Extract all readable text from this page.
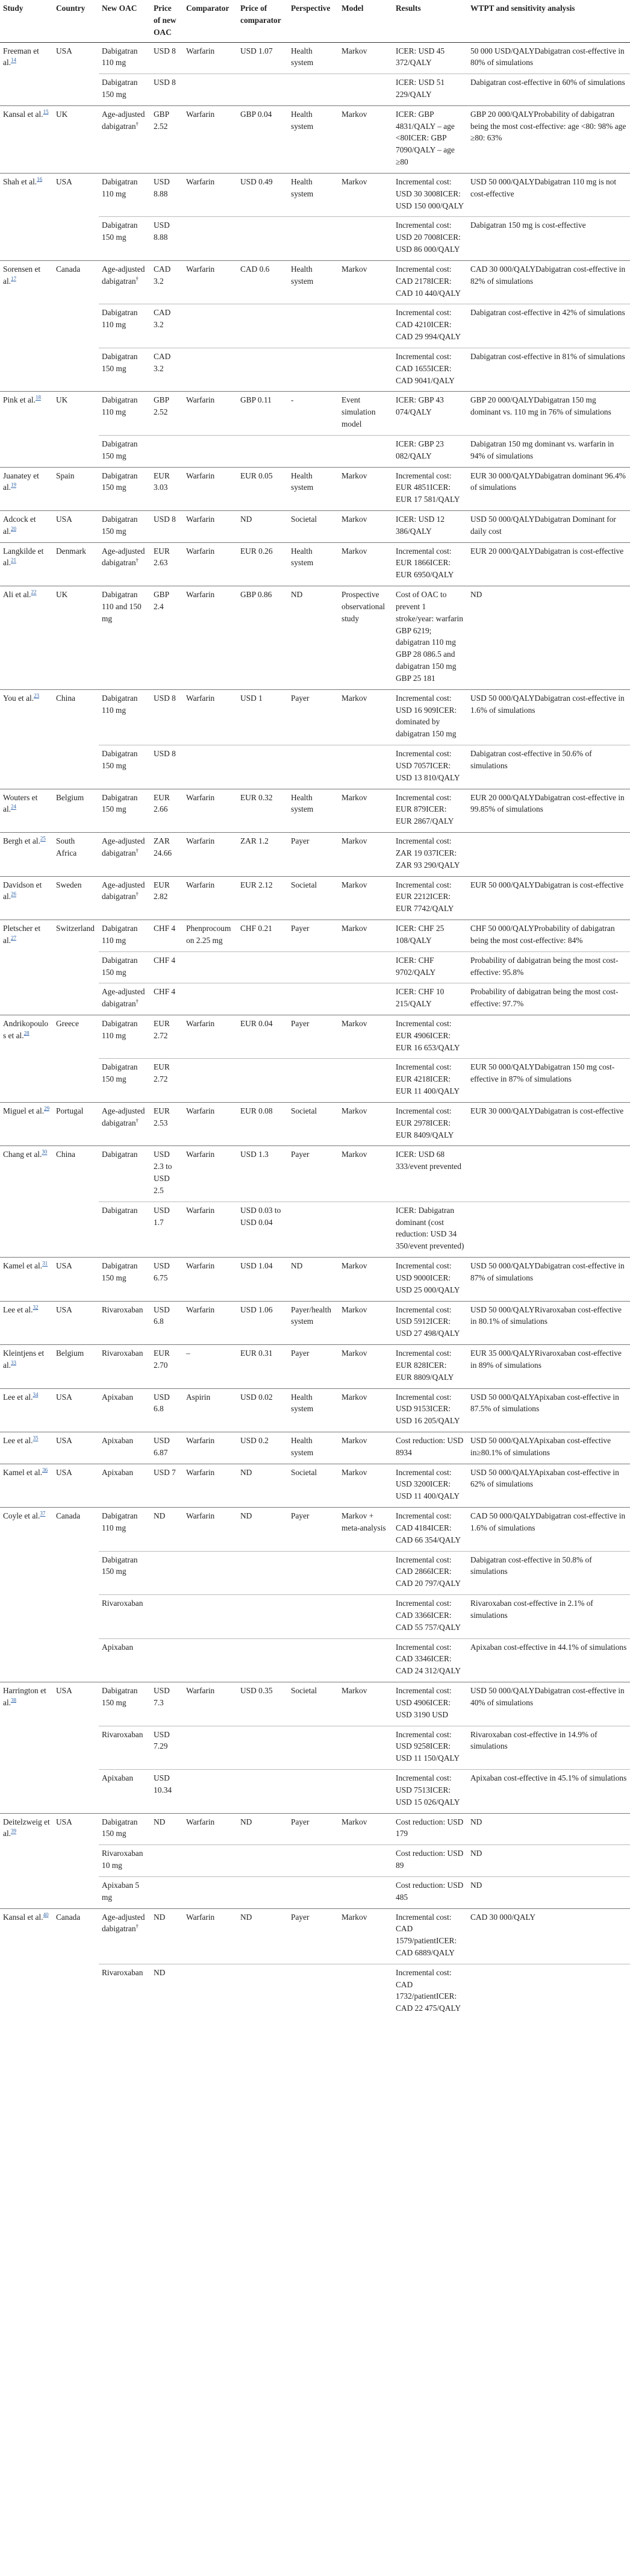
Study	Country	New OAC	Price of new OAC	Comparator	Price of comparator	Perspective	Model	Results	WTPT and sensitivity analysis
Freeman et al.$^{14}$	USA	Dabigatran 110 mg	USD 8	Warfarin	USD 1.07	Health system	Markov	ICER: USD 45 372/QALY	50 000 USD/QALYDabigatran cost-effective in 80% of simulations
		Dabigatran 150 mg	USD 8					ICER: USD 51 229/QALY	Dabigatran cost-effective in 60% of simulations
Kansal et al.$^{15}$	UK	Age-adjusted dabigatran†	GBP 2.52	Warfarin	GBP 0.04	Health system	Markov	ICER: GBP 4831/QALY – age <80ICER: GBP 7090/QALY – age ≥80	GBP 20 000/QALYProbability of dabigatran being the most cost-effective: age <80: 98% age ≥80: 63%
Shah et al.$^{16}$	USA	Dabigatran 110 mg	USD 8.88	Warfarin	USD 0.49	Health system	Markov	Incremental cost: USD 30 3008ICER: USD 150 000/QALY	USD 50 000/QALYDabigatran 110 mg is not cost-effective
		Dabigatran 150 mg	USD 8.88					Incremental cost: USD 20 7008ICER: USD 86 000/QALY	Dabigatran 150 mg is cost-effective
Sorensen et al.$^{17}$	Canada	Age-adjusted dabigatran†	CAD 3.2	Warfarin	CAD 0.6	Health system	Markov	Incremental cost: CAD 2178ICER: CAD 10 440/QALY	CAD 30 000/QALYDabigatran cost-effective in 82% of simulations
		Dabigatran 110 mg	CAD 3.2					Incremental cost: CAD 4210ICER: CAD 29 994/QALY	Dabigatran cost-effective in 42% of simulations
		Dabigatran 150 mg	CAD 3.2					Incremental cost: CAD 1655ICER: CAD 9041/QALY	Dabigatran cost-effective in 81% of simulations
Pink et al.$^{18}$	UK	Dabigatran 110 mg	GBP 2.52	Warfarin	GBP 0.11	-	Event simulation model	ICER: GBP 43 074/QALY	GBP 20 000/QALYDabigatran 150 mg dominant vs. 110 mg in 76% of simulations
		Dabigatran 150 mg						ICER: GBP 23 082/QALY	Dabigatran 150 mg dominant vs. warfarin in 94% of simulations
Juanatey et al.$^{19}$	Spain	Dabigatran 150 mg	EUR 3.03	Warfarin	EUR 0.05	Health system	Markov	Incremental cost: EUR 4851ICER: EUR 17 581/QALY	EUR 30 000/QALYDabigatran dominant 96.4% of simulations
Adcock et al.$^{20}$	USA	Dabigatran 150 mg	USD 8	Warfarin	ND	Societal	Markov	ICER: USD 12 386/QALY	USD 50 000/QALYDabigatran Dominant for daily cost
Langkilde et al.$^{21}$	Denmark	Age-adjusted dabigatran†	EUR 2.63	Warfarin	EUR 0.26	Health system	Markov	Incremental cost: EUR 1866ICER: EUR 6950/QALY	EUR 20 000/QALYDabigatran is cost-effective
Ali et al.$^{22}$	UK	Dabigatran 110 and 150 mg	GBP 2.4	Warfarin	GBP 0.86	ND	Prospective observational study	Cost of OAC to prevent 1 stroke/year: warfarin GBP 6219; dabigatran 110 mg GBP 28 086.5 and dabigatran 150 mg GBP 25 181	ND
You et al.$^{23}$	China	Dabigatran 110 mg	USD 8	Warfarin	USD 1	Payer	Markov	Incremental cost: USD 16 909ICER: dominated by dabigatran 150 mg	USD 50 000/QALYDabigatran cost-effective in 1.6% of simulations
		Dabigatran 150 mg	USD 8					Incremental cost: USD 7057ICER: USD 13 810/QALY	Dabigatran cost-effective in 50.6% of simulations
Wouters et al.$^{24}$	Belgium	Dabigatran 150 mg	EUR 2.66	Warfarin	EUR 0.32	Health system	Markov	Incremental cost: EUR 879ICER: EUR 2867/QALY	EUR 20 000/QALYDabigatran cost-effective in 99.85% of simulations
Bergh et al.$^{25}$	South Africa	Age-adjusted dabigatran†	ZAR 24.66	Warfarin	ZAR 1.2	Payer	Markov	Incremental cost: ZAR 19 037ICER: ZAR 93 290/QALY	
Davidson et al.$^{26}$	Sweden	Age-adjusted dabigatran†	EUR 2.82	Warfarin	EUR 2.12	Societal	Markov	Incremental cost: EUR 2212ICER: EUR 7742/QALY	EUR 50 000/QALYDabigatran is cost-effective
Pletscher et al.$^{27}$	Switzerland	Dabigatran 110 mg	CHF 4	Phenprocoumon 2.25 mg	CHF 0.21	Payer	Markov	ICER: CHF 25 108/QALY	CHF 50 000/QALYProbability of dabigatran being the most cost-effective: 84%
		Dabigatran 150 mg	CHF 4					ICER: CHF 9702/QALY	Probability of dabigatran being the most cost-effective: 95.8%
		Age-adjusted dabigatran†	CHF 4					ICER: CHF 10 215/QALY	Probability of dabigatran being the most cost-effective: 97.7%
Andrikopoulos et al.$^{28}$	Greece	Dabigatran 110 mg	EUR 2.72	Warfarin	EUR 0.04	Payer	Markov	Incremental cost: EUR 4906ICER: EUR 16 653/QALY	
		Dabigatran 150 mg	EUR 2.72					Incremental cost: EUR 4218ICER: EUR 11 400/QALY	EUR 50 000/QALYDabigatran 150 mg cost-effective in 87% of simulations
Miguel et al.$^{29}$	Portugal	Age-adjusted dabigatran†	EUR 2.53	Warfarin	EUR 0.08	Societal	Markov	Incremental cost: EUR 2978ICER: EUR 8409/QALY	EUR 30 000/QALYDabigatran is cost-effective
Chang et al.$^{30}$	China	Dabigatran	USD 2.3 to USD 2.5	Warfarin	USD 1.3	Payer	Markov	ICER: USD 68 333/event prevented	
		Dabigatran	USD 1.7	Warfarin	USD 0.03 to USD 0.04			ICER: Dabigatran dominant (cost reduction: USD 34 350/event prevented)	
Kamel et al.$^{31}$	USA	Dabigatran 150 mg	USD 6.75	Warfarin	USD 1.04	ND	Markov	Incremental cost: USD 9000ICER: USD 25 000/QALY	USD 50 000/QALYDabigatran cost-effective in 87% of simulations
Lee et al.$^{32}$	USA	Rivaroxaban	USD 6.8	Warfarin	USD 1.06	Payer/health system	Markov	Incremental cost: USD 5912ICER: USD 27 498/QALY	USD 50 000/QALYRivaroxaban cost-effective in 80.1% of simulations
Kleintjens et al.$^{33}$	Belgium	Rivaroxaban	EUR 2.70	–	EUR 0.31	Payer	Markov	Incremental cost: EUR 828ICER: EUR 8809/QALY	EUR 35 000/QALYRivaroxaban cost-effective in 89% of simulations
Lee et al.$^{34}$	USA	Apixaban	USD 6.8	Aspirin	USD 0.02	Health system	Markov	Incremental cost: USD 9153ICER: USD 16 205/QALY	USD 50 000/QALYApixaban cost-effective in 87.5% of simulations
Lee et al.$^{35}$	USA	Apixaban	USD 6.87	Warfarin	USD 0.2	Health system	Markov	Cost reduction: USD 8934	USD 50 000/QALYApixaban cost-effective in≥80.1% of simulations
Kamel et al.$^{36}$	USA	Apixaban	USD 7	Warfarin	ND	Societal	Markov	Incremental cost: USD 3200ICER: USD 11 400/QALY	USD 50 000/QALYApixaban cost-effective in 62% of simulations
Coyle et al.$^{37}$	Canada	Dabigatran 110 mg	ND	Warfarin	ND	Payer	Markov + meta-analysis	Incremental cost: CAD 4184ICER: CAD 66 354/QALY	CAD 50 000/QALYDabigatran cost-effective in 1.6% of simulations
		Dabigatran 150 mg						Incremental cost: CAD 2866ICER: CAD 20 797/QALY	Dabigatran cost-effective in 50.8% of simulations
		Rivaroxaban						Incremental cost: CAD 3366ICER: CAD 55 757/QALY	Rivaroxaban cost-effective in 2.1% of simulations
		Apixaban						Incremental cost: CAD 3346ICER: CAD 24 312/QALY	Apixaban cost-effective in 44.1% of simulations
Harrington et al.$^{38}$	USA	Dabigatran 150 mg	USD 7.3	Warfarin	USD 0.35	Societal	Markov	Incremental cost: USD 4906ICER: USD 3190 USD	USD 50 000/QALYDabigatran cost-effective in 40% of simulations
		Rivaroxaban	USD 7.29					Incremental cost: USD 9258ICER: USD 11 150/QALY	Rivaroxaban cost-effective in 14.9% of simulations
		Apixaban	USD 10.34					Incremental cost: USD 7513ICER: USD 15 026/QALY	Apixaban cost-effective in 45.1% of simulations
Deitelzweig et al.$^{39}$	USA	Dabigatran 150 mg	ND	Warfarin	ND	Payer	Markov	Cost reduction: USD 179	ND
		Rivaroxaban 10 mg						Cost reduction: USD 89	ND
		Apixaban 5 mg						Cost reduction: USD 485	ND
Kansal et al.$^{40}$	Canada	Age-adjusted dabigatran†	ND	Warfarin	ND	Payer	Markov	Incremental cost: CAD 1579/patientICER: CAD 6889/QALY	CAD 30 000/QALY
		Rivaroxaban	ND					Incremental cost: CAD 1732/patientICER: CAD 22 475/QALY	
